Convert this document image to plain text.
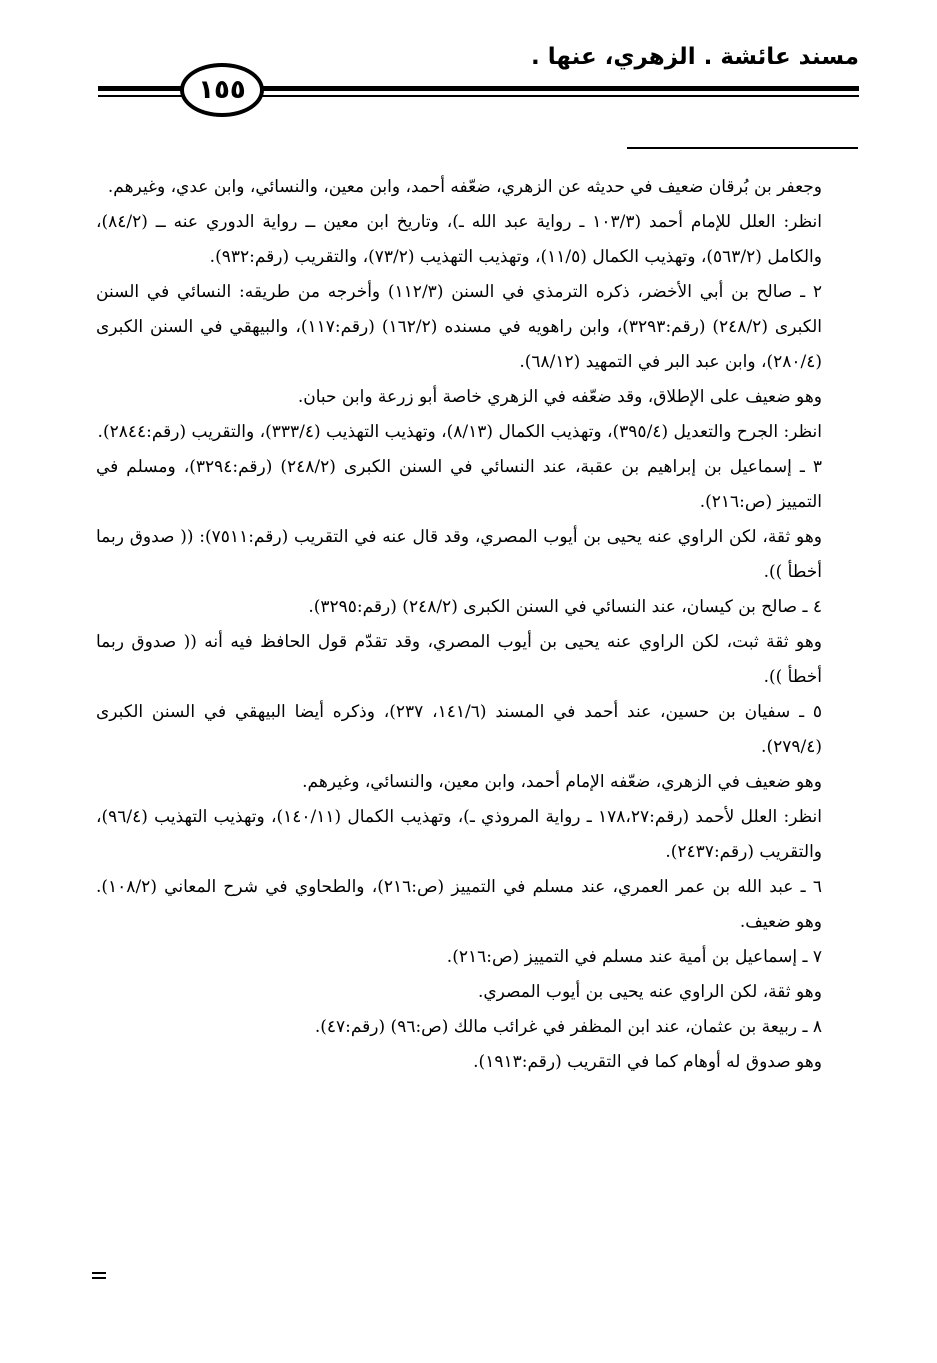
مسند عائشة . الزهري، عنها .
١٥٥

وجعفر بن بُرقان ضعيف في حديثه عن الزهري، ضعّفه أحمد، وابن معين، والنسائي، وابن عدي، وغيرهم.

انظر: العلل للإمام أحمد (١٠٣/٣ ـ رواية عبد الله ـ)، وتاريخ ابن معين ــ رواية الدوري عنه ــ (٨٤/٢)، والكامل (٥٦٣/٢)، وتهذيب الكمال (١١/٥)، وتهذيب التهذيب (٧٣/٢)، والتقريب (رقم:٩٣٢).

٢ ـ صالح بن أبي الأخضر، ذكره الترمذي في السنن (١١٢/٣) وأخرجه من طريقه: النسائي في السنن الكبرى (٢٤٨/٢) (رقم:٣٢٩٣)، وابن راهويه في مسنده (١٦٢/٢) (رقم:١١٧)، والبيهقي في السنن الكبرى (٢٨٠/٤)، وابن عبد البر في التمهيد (٦٨/١٢).

وهو ضعيف على الإطلاق، وقد ضعّفه في الزهري خاصة أبو زرعة وابن حبان.

انظر: الجرح والتعديل (٣٩٥/٤)، وتهذيب الكمال (٨/١٣)، وتهذيب التهذيب (٣٣٣/٤)، والتقريب (رقم:٢٨٤٤).

٣ ـ إسماعيل بن إبراهيم بن عقبة، عند النسائي في السنن الكبرى (٢٤٨/٢) (رقم:٣٢٩٤)، ومسلم في التمييز (ص:٢١٦).

وهو ثقة، لكن الراوي عنه يحيى بن أيوب المصري، وقد قال عنه في التقريب (رقم:٧٥١١): (( صدوق ربما أخطأ )).

٤ ـ صالح بن كيسان، عند النسائي في السنن الكبرى (٢٤٨/٢) (رقم:٣٢٩٥).

وهو ثقة ثبت، لكن الراوي عنه يحيى بن أيوب المصري، وقد تقدّم قول الحافظ فيه أنه (( صدوق ربما أخطأ )).

٥ ـ سفيان بن حسين، عند أحمد في المسند (١٤١/٦، ٢٣٧)، وذكره أيضا البيهقي في السنن الكبرى (٢٧٩/٤).

وهو ضعيف في الزهري، ضعّفه الإمام أحمد، وابن معين، والنسائي، وغيرهم.

انظر: العلل لأحمد (رقم:١٧٨،٢٧ ـ رواية المروذي ـ)، وتهذيب الكمال (١٤٠/١١)، وتهذيب التهذيب (٩٦/٤)، والتقريب (رقم:٢٤٣٧).

٦ ـ عبد الله بن عمر العمري، عند مسلم في التمييز (ص:٢١٦)، والطحاوي في شرح المعاني (١٠٨/٢). وهو ضعيف.

٧ ـ إسماعيل بن أمية عند مسلم في التمييز (ص:٢١٦).

وهو ثقة، لكن الراوي عنه يحيى بن أيوب المصري.

٨ ـ ربيعة بن عثمان، عند ابن المظفر في غرائب مالك (ص:٩٦) (رقم:٤٧).

وهو صدوق له أوهام كما في التقريب (رقم:١٩١٣).
